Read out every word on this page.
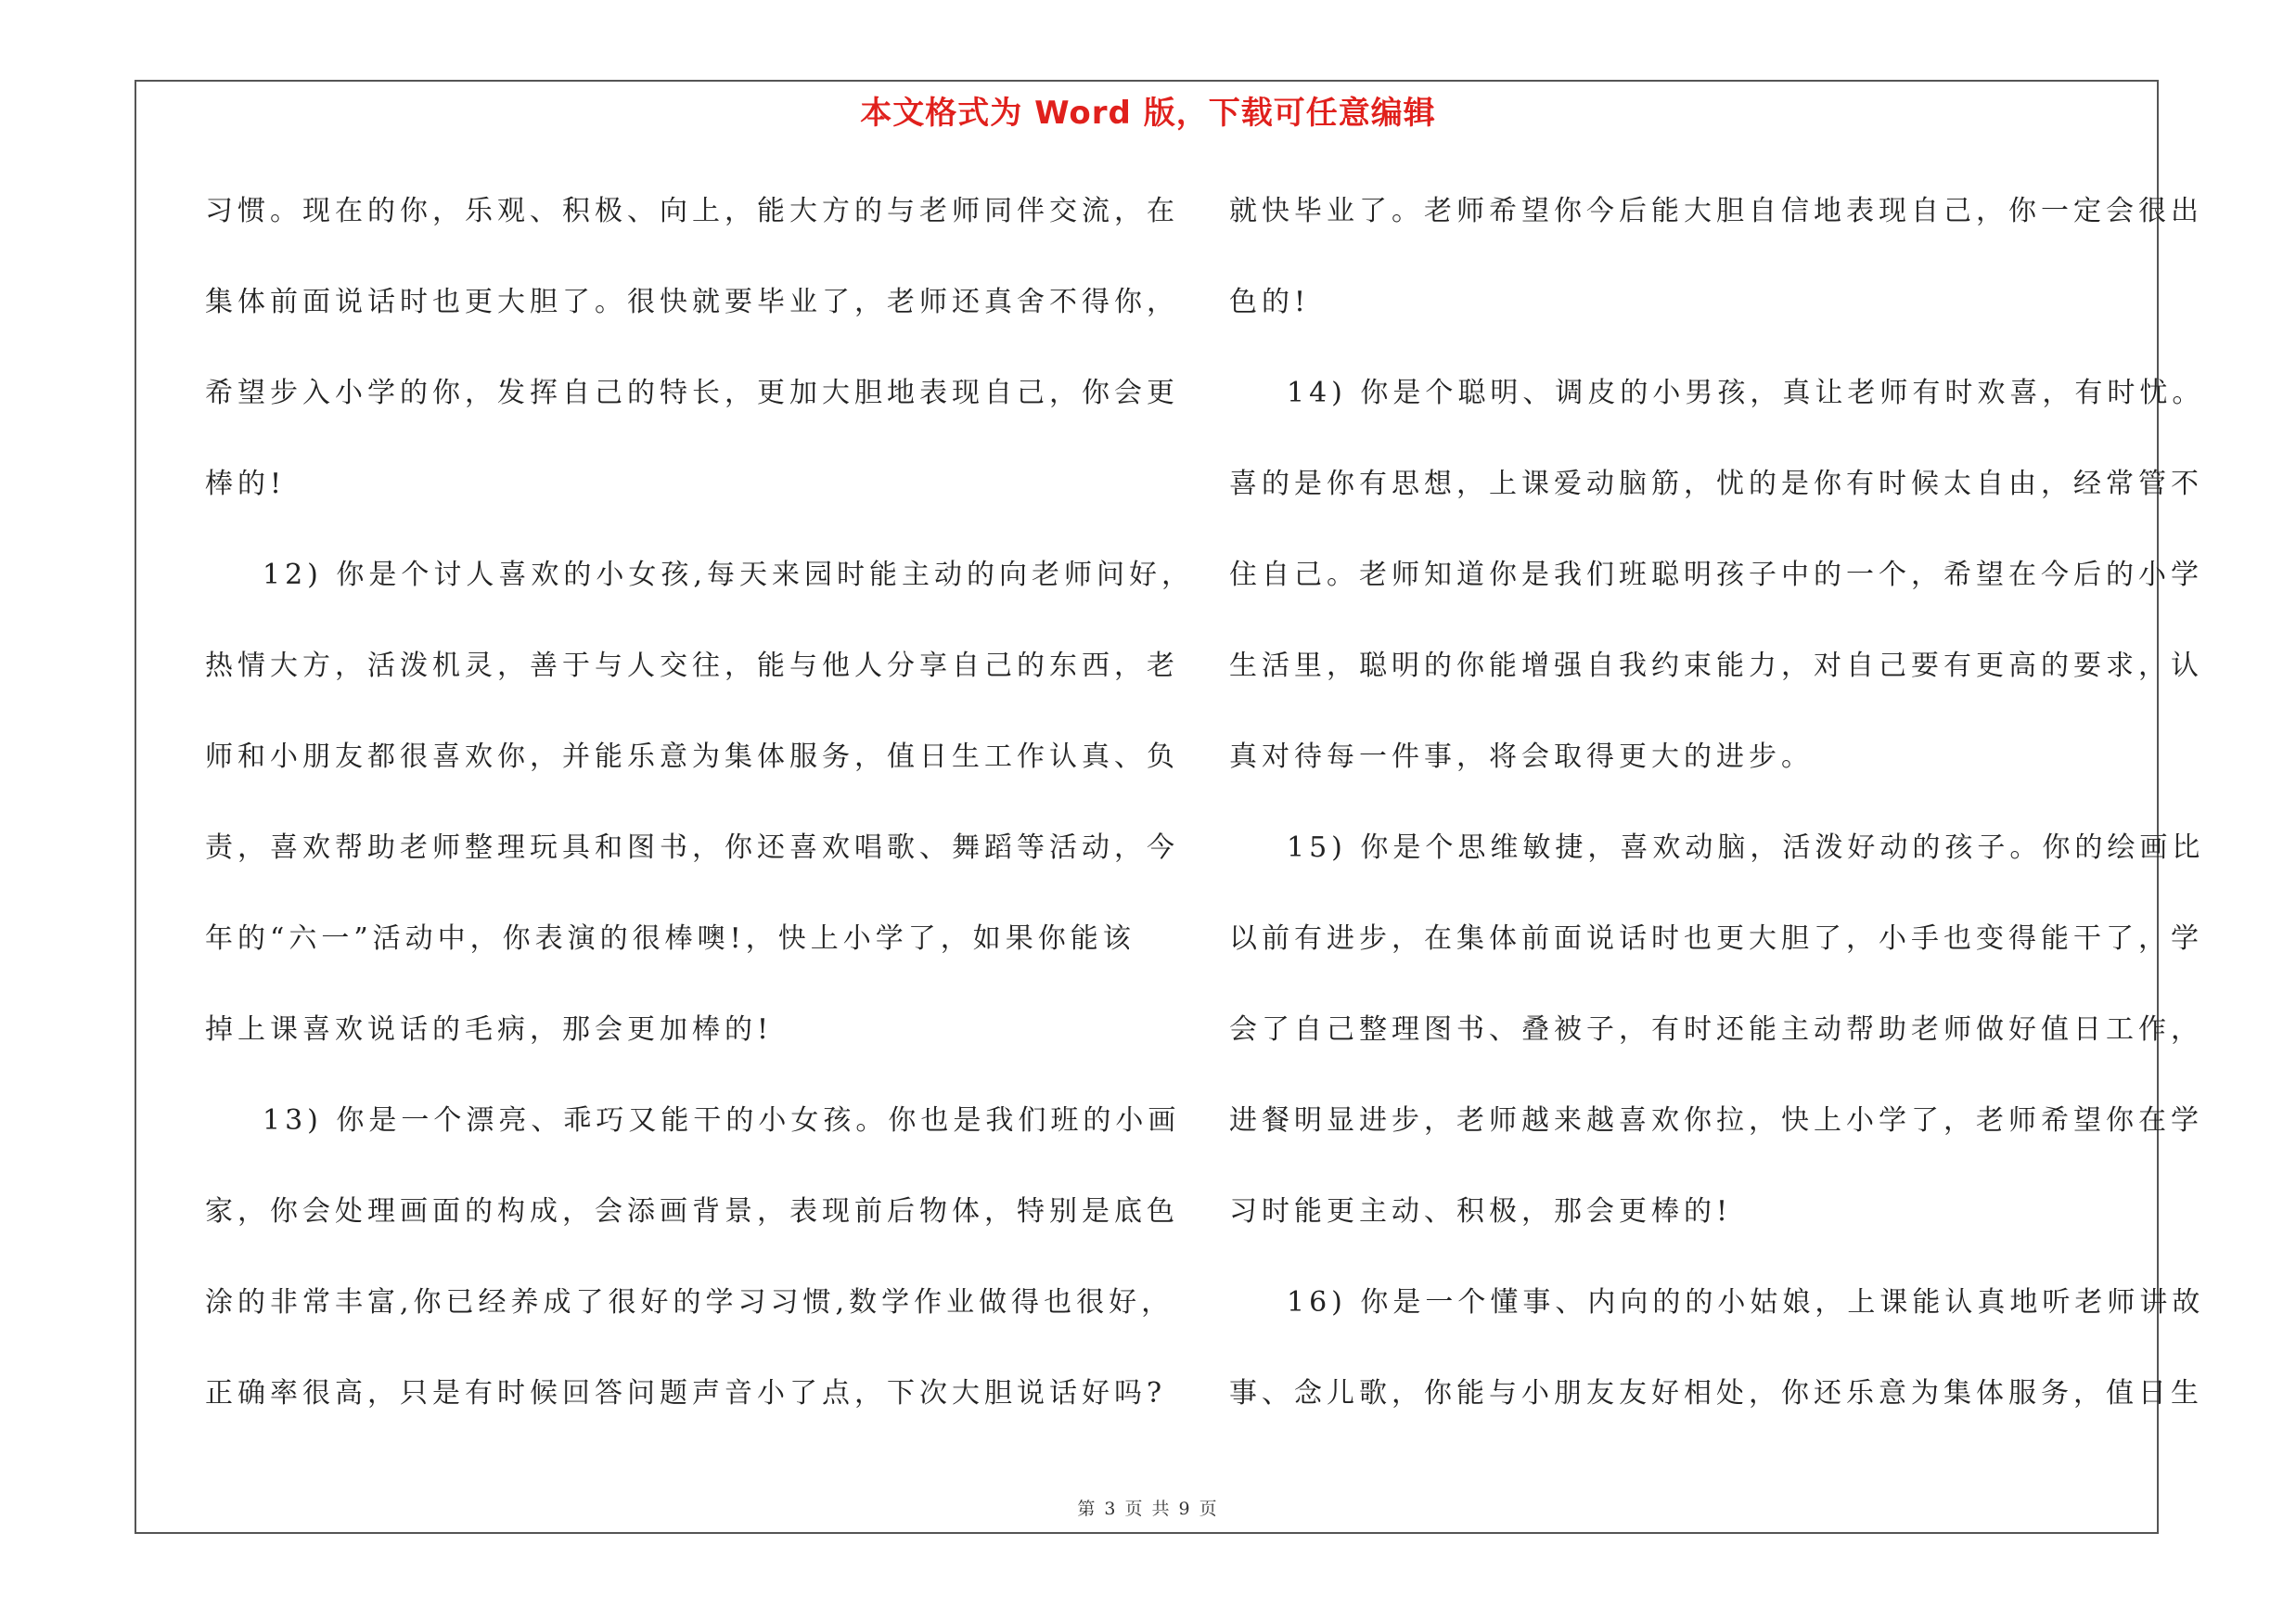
本文格式为 Word 版，下载可任意编辑
习惯。现在的你，乐观、积极、向上，能大方的与老师同伴交流，在
集体前面说话时也更大胆了。很快就要毕业了，老师还真舍不得你，
希望步入小学的你，发挥自己的特长，更加大胆地表现自己，你会更
棒的!
12) 你是个讨人喜欢的小女孩,每天来园时能主动的向老师问好，
热情大方，活泼机灵，善于与人交往，能与他人分享自己的东西，老
师和小朋友都很喜欢你，并能乐意为集体服务，值日生工作认真、负
责，喜欢帮助老师整理玩具和图书，你还喜欢唱歌、舞蹈等活动，今
年的“六一”活动中，你表演的很棒噢!，快上小学了，如果你能该
掉上课喜欢说话的毛病，那会更加棒的!
13) 你是一个漂亮、乖巧又能干的小女孩。你也是我们班的小画
家，你会处理画面的构成，会添画背景，表现前后物体，特别是底色
涂的非常丰富,你已经养成了很好的学习习惯,数学作业做得也很好，
正确率很高，只是有时候回答问题声音小了点，下次大胆说话好吗?
就快毕业了。老师希望你今后能大胆自信地表现自己，你一定会很出
色的!
14) 你是个聪明、调皮的小男孩，真让老师有时欢喜，有时忧。
喜的是你有思想，上课爱动脑筋，忧的是你有时候太自由，经常管不
住自己。老师知道你是我们班聪明孩子中的一个，希望在今后的小学
生活里，聪明的你能增强自我约束能力，对自己要有更高的要求，认
真对待每一件事，将会取得更大的进步。
15) 你是个思维敏捷，喜欢动脑，活泼好动的孩子。你的绘画比
以前有进步，在集体前面说话时也更大胆了，小手也变得能干了，学
会了自己整理图书、叠被子，有时还能主动帮助老师做好值日工作，
进餐明显进步，老师越来越喜欢你拉，快上小学了，老师希望你在学
习时能更主动、积极，那会更棒的!
16) 你是一个懂事、内向的的小姑娘，上课能认真地听老师讲故
事、念儿歌，你能与小朋友友好相处，你还乐意为集体服务，值日生
第 3 页 共 9 页
